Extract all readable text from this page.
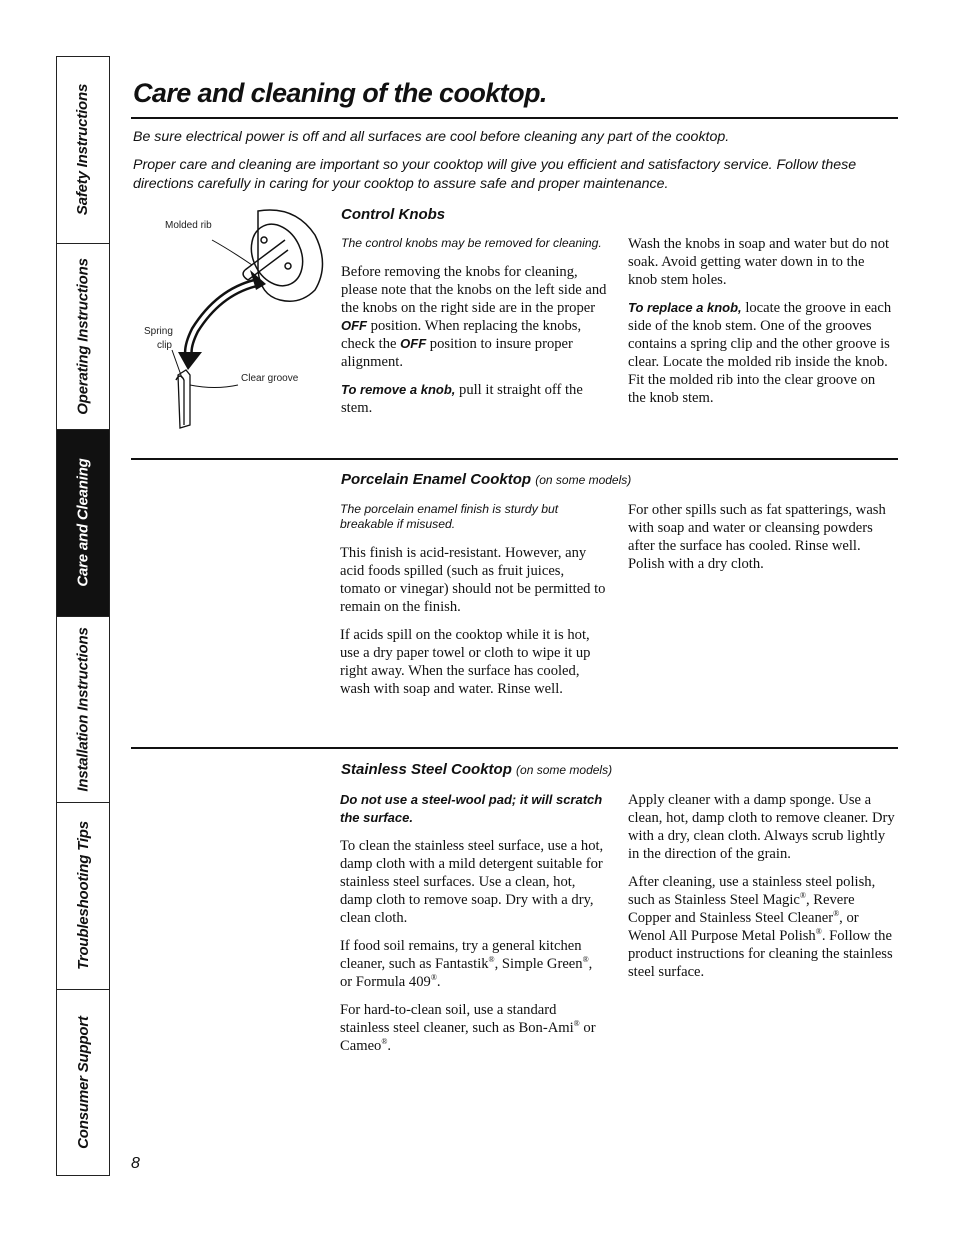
Safety Instructions
Operating Instructions
Care and Cleaning
Installation Instructions
Troubleshooting Tips
Consumer Support
Care and cleaning of the cooktop.

Be sure electrical power is off and all surfaces are cool before cleaning any part of the cooktop.

Proper care and cleaning are important so your cooktop will give you efficient and satisfactory service. Follow these directions carefully in caring for your cooktop to assure safe and proper maintenance.

Molded rib
Spring
clip
Clear groove
Control Knobs

The control knobs may be removed for cleaning.

Before removing the knobs for cleaning, please note that the knobs on the left side and the knobs on the right side are in the proper OFF position. When replacing the knobs, check the OFF position to insure proper alignment.

To remove a knob, pull it straight off the stem.

Wash the knobs in soap and water but do not soak. Avoid getting water down in to the knob stem holes.

To replace a knob, locate the groove in each side of the knob stem. One of the grooves contains a spring clip and the other groove is clear. Locate the molded rib inside the knob. Fit the molded rib into the clear groove on the knob stem.

Porcelain Enamel Cooktop (on some models)

The porcelain enamel finish is sturdy but breakable if misused.

This finish is acid-resistant. However, any acid foods spilled (such as fruit juices, tomato or vinegar) should not be permitted to remain on the finish.

If acids spill on the cooktop while it is hot, use a dry paper towel or cloth to wipe it up right away. When the surface has cooled, wash with soap and water. Rinse well.

For other spills such as fat spatterings, wash with soap and water or cleansing powders after the surface has cooled. Rinse well. Polish with a dry cloth.

Stainless Steel Cooktop (on some models)

Do not use a steel-wool pad; it will scratch the surface.

To clean the stainless steel surface, use a hot, damp cloth with a mild detergent suitable for stainless steel surfaces. Use a clean, hot, damp cloth to remove soap. Dry with a dry, clean cloth.

If food soil remains, try a general kitchen cleaner, such as Fantastik®, Simple Green®, or Formula 409®.

For hard-to-clean soil, use a standard stainless steel cleaner, such as Bon-Ami® or Cameo®.

Apply cleaner with a damp sponge. Use a clean, hot, damp cloth to remove cleaner. Dry with a dry, clean cloth. Always scrub lightly in the direction of the grain.

After cleaning, use a stainless steel polish, such as Stainless Steel Magic®, Revere Copper and Stainless Steel Cleaner®, or Wenol All Purpose Metal Polish®. Follow the product instructions for cleaning the stainless steel surface.

8
